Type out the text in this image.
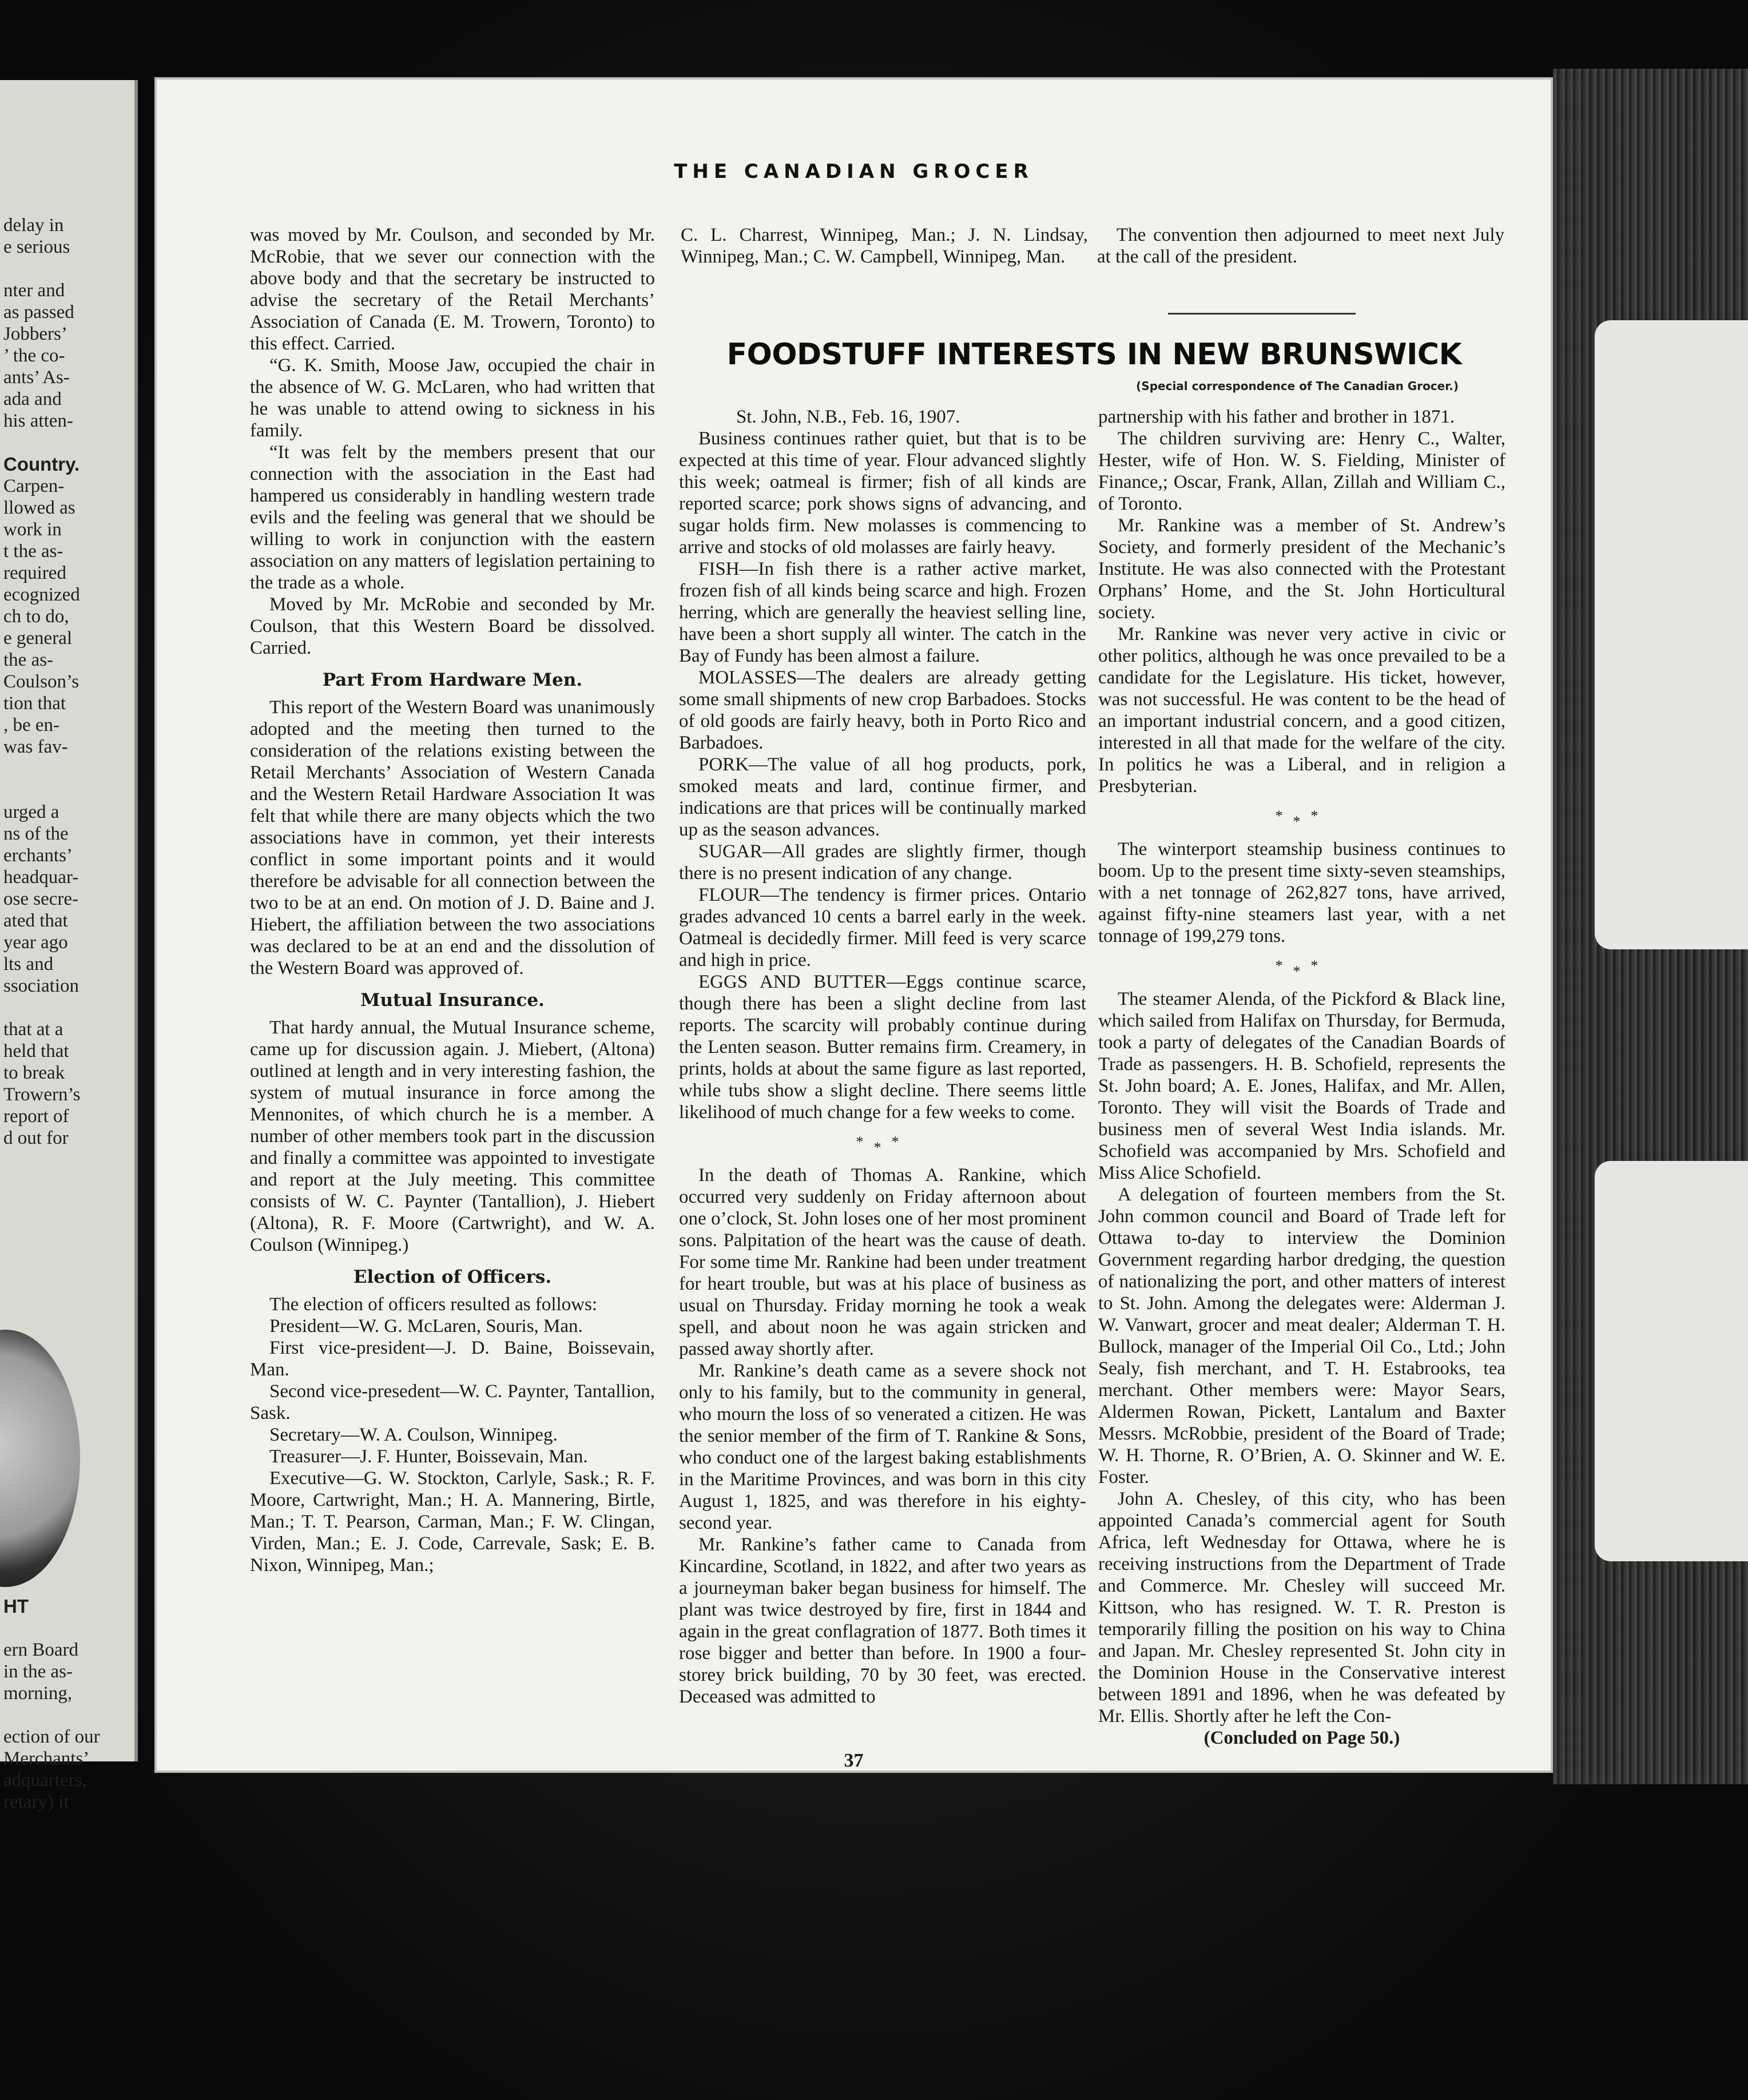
delay in
e serious
nter and
as passed
Jobbers’
’ the co-
ants’ As-
ada and
his atten-
Country.
Carpen-
llowed as
work in
t the as-
required
ecognized
ch to do,
e general
the as-
Coulson’s
tion that
, be en-
was fav-
urged a
ns of the
erchants’
headquar-
ose secre-
ated that
year ago
lts and
ssociation
that at a
held that
to break
Trowern’s
report of
d out for
HT
ern Board
in the as-
morning,
ection of our
Merchants’
adquarters,
retary) it
THE CANADIAN GROCER

was moved by Mr. Coulson, and seconded by Mr. McRobie, that we sever our connection with the above body and that the secretary be instructed to advise the secretary of the Retail Merchants’ Association of Canada (E. M. Trowern, Toronto) to this effect. Carried.

“G. K. Smith, Moose Jaw, occupied the chair in the absence of W. G. McLaren, who had written that he was unable to attend owing to sickness in his family.

“It was felt by the members present that our connection with the association in the East had hampered us considerably in handling western trade evils and the feeling was general that we should be willing to work in conjunction with the eastern association on any matters of legislation pertaining to the trade as a whole.

Moved by Mr. McRobie and seconded by Mr. Coulson, that this Western Board be dissolved. Carried.

Part From Hardware Men.

This report of the Western Board was unanimously adopted and the meeting then turned to the consideration of the relations existing between the Retail Merchants’ Association of Western Canada and the Western Retail Hardware Association It was felt that while there are many objects which the two associations have in common, yet their interests conflict in some important points and it would therefore be advisable for all connection between the two to be at an end. On motion of J. D. Baine and J. Hiebert, the affiliation between the two associations was declared to be at an end and the dissolution of the Western Board was approved of.

Mutual Insurance.

That hardy annual, the Mutual Insurance scheme, came up for discussion again. J. Miebert, (Altona) outlined at length and in very interesting fashion, the system of mutual insurance in force among the Mennonites, of which church he is a member. A number of other members took part in the discussion and finally a committee was appointed to investigate and report at the July meeting. This committee consists of W. C. Paynter (Tantallion), J. Hiebert (Altona), R. F. Moore (Cartwright), and W. A. Coulson (Winnipeg.)

Election of Officers.

The election of officers resulted as follows:

President—W. G. McLaren, Souris, Man.

First vice-president—J. D. Baine, Boissevain, Man.

Second vice-presedent—W. C. Paynter, Tantallion, Sask.

Secretary—W. A. Coulson, Winnipeg.

Treasurer—J. F. Hunter, Boissevain, Man.

Executive—G. W. Stockton, Carlyle, Sask.; R. F. Moore, Cartwright, Man.; H. A. Mannering, Birtle, Man.; T. T. Pearson, Carman, Man.; F. W. Clingan, Virden, Man.; E. J. Code, Carrevale, Sask; E. B. Nixon, Winnipeg, Man.;

C. L. Charrest, Winnipeg, Man.; J. N. Lindsay, Winnipeg, Man.; C. W. Campbell, Winnipeg, Man.

The convention then adjourned to meet next July at the call of the president.

FOODSTUFF INTERESTS IN NEW BRUNSWICK
(Special correspondence of The Canadian Grocer.)

St. John, N.B., Feb. 16, 1907.

Business continues rather quiet, but that is to be expected at this time of year. Flour advanced slightly this week; oatmeal is firmer; fish of all kinds are reported scarce; pork shows signs of advancing, and sugar holds firm. New molasses is commencing to arrive and stocks of old molasses are fairly heavy.

FISH—In fish there is a rather active market, frozen fish of all kinds being scarce and high. Frozen herring, which are generally the heaviest selling line, have been a short supply all winter. The catch in the Bay of Fundy has been almost a failure.

MOLASSES—The dealers are already getting some small shipments of new crop Barbadoes. Stocks of old goods are fairly heavy, both in Porto Rico and Barbadoes.

PORK—The value of all hog products, pork, smoked meats and lard, continue firmer, and indications are that prices will be continually marked up as the season advances.

SUGAR—All grades are slightly firmer, though there is no present indication of any change.

FLOUR—The tendency is firmer prices. Ontario grades advanced 10 cents a barrel early in the week. Oatmeal is decidedly firmer. Mill feed is very scarce and high in price.

EGGS AND BUTTER—Eggs continue scarce, though there has been a slight decline from last reports. The scarcity will probably continue during the Lenten season. Butter remains firm. Creamery, in prints, holds at about the same figure as last reported, while tubs show a slight decline. There seems little likelihood of much change for a few weeks to come.

***

In the death of Thomas A. Rankine, which occurred very suddenly on Friday afternoon about one o’clock, St. John loses one of her most prominent sons. Palpitation of the heart was the cause of death. For some time Mr. Rankine had been under treatment for heart trouble, but was at his place of business as usual on Thursday. Friday morning he took a weak spell, and about noon he was again stricken and passed away shortly after.

Mr. Rankine’s death came as a severe shock not only to his family, but to the community in general, who mourn the loss of so venerated a citizen. He was the senior member of the firm of T. Rankine & Sons, who conduct one of the largest baking establishments in the Maritime Provinces, and was born in this city August 1, 1825, and was therefore in his eighty-second year.

Mr. Rankine’s father came to Canada from Kincardine, Scotland, in 1822, and after two years as a journeyman baker began business for himself. The plant was twice destroyed by fire, first in 1844 and again in the great conflagration of 1877. Both times it rose bigger and better than before. In 1900 a four-storey brick building, 70 by 30 feet, was erected. Deceased was admitted to

partnership with his father and brother in 1871.

The children surviving are: Henry C., Walter, Hester, wife of Hon. W. S. Fielding, Minister of Finance,; Oscar, Frank, Allan, Zillah and William C., of Toronto.

Mr. Rankine was a member of St. Andrew’s Society, and formerly president of the Mechanic’s Institute. He was also connected with the Protestant Orphans’ Home, and the St. John Horticultural society.

Mr. Rankine was never very active in civic or other politics, although he was once prevailed to be a candidate for the Legislature. His ticket, however, was not successful. He was content to be the head of an important industrial concern, and a good citizen, interested in all that made for the welfare of the city. In politics he was a Liberal, and in religion a Presbyterian.

***

The winterport steamship business continues to boom. Up to the present time sixty-seven steamships, with a net tonnage of 262,827 tons, have arrived, against fifty-nine steamers last year, with a net tonnage of 199,279 tons.

***

The steamer Alenda, of the Pickford & Black line, which sailed from Halifax on Thursday, for Bermuda, took a party of delegates of the Canadian Boards of Trade as passengers. H. B. Schofield, represents the St. John board; A. E. Jones, Halifax, and Mr. Allen, Toronto. They will visit the Boards of Trade and business men of several West India islands. Mr. Schofield was accompanied by Mrs. Schofield and Miss Alice Schofield.

A delegation of fourteen members from the St. John common council and Board of Trade left for Ottawa to-day to interview the Dominion Government regarding harbor dredging, the question of nationalizing the port, and other matters of interest to St. John. Among the delegates were: Alderman J. W. Vanwart, grocer and meat dealer; Alderman T. H. Bullock, manager of the Imperial Oil Co., Ltd.; John Sealy, fish merchant, and T. H. Estabrooks, tea merchant. Other members were: Mayor Sears, Aldermen Rowan, Pickett, Lantalum and Baxter Messrs. McRobbie, president of the Board of Trade; W. H. Thorne, R. O’Brien, A. O. Skinner and W. E. Foster.

John A. Chesley, of this city, who has been appointed Canada’s commercial agent for South Africa, left Wednesday for Ottawa, where he is receiving instructions from the Department of Trade and Commerce. Mr. Chesley will succeed Mr. Kittson, who has resigned. W. T. R. Preston is temporarily filling the position on his way to China and Japan. Mr. Chesley represented St. John city in the Dominion House in the Conservative interest between 1891 and 1896, when he was defeated by Mr. Ellis. Shortly after he left the Con-

(Concluded on Page 50.)

37
